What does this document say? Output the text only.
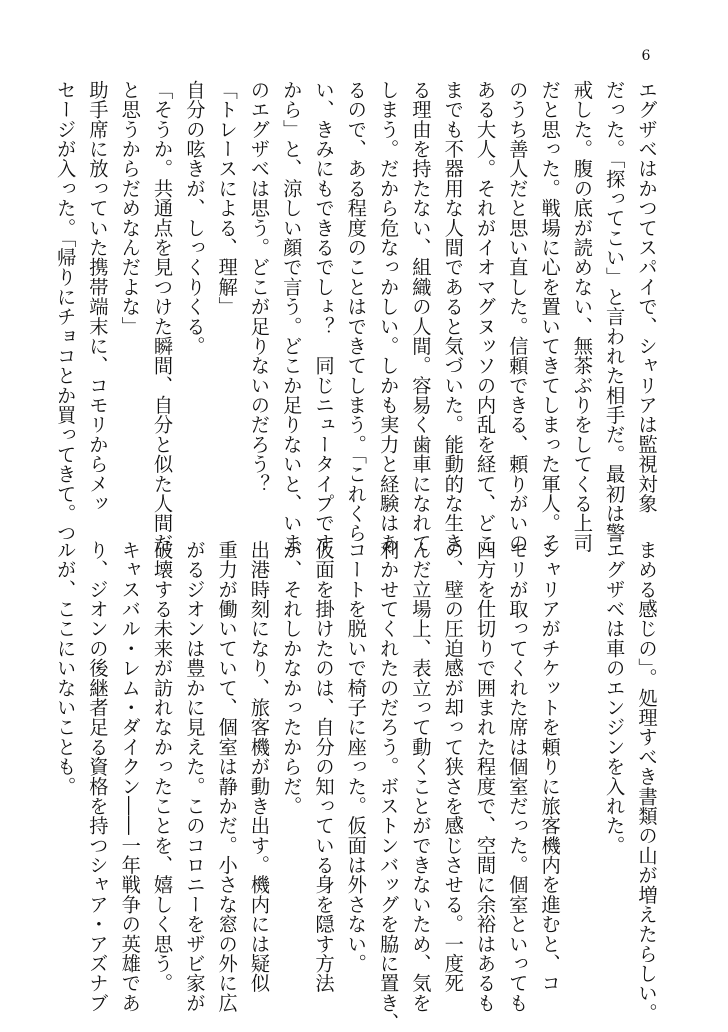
6
エグザベはかつてスパイで、シャリアは監視対象
だった。「探ってこい」と言われた相手だ。最初は警
戒した。腹の底が読めない、無茶ぶりをしてくる上司
だと思った。戦場に心を置いてきてしまった軍人。そ
のうち善人だと思い直した。信頼できる、頼りがいの
ある大人。それがイオマグヌッソの内乱を経て、どこ
までも不器用な人間であると気づいた。能動的な生き
る理由を持たない、組織の人間。容易く歯車になれて
しまう。だから危なっかしい。しかも実力と経験はあ
るので、ある程度のことはできてしまう。「これくら
い、きみにもできるでしょ？　同じニュータイプです
から」と、涼しい顔で言う。どこか足りないと、いま
のエグザベは思う。どこが足りないのだろう？
「トレースによる、理解」
自分の呟きが、しっくりくる。
「そうか。共通点を見つけた瞬間、自分と似た人間だ
と思うからだめなんだよな」
助手席に放っていた携帯端末に、コモリからメッ
セージが入った。「帰りにチョコとか買ってきて。つ
まめる感じの」。処理すべき書類の山が増えたらしい。
エグザベは車のエンジンを入れた。
シャリアがチケットを頼りに旅客機内を進むと、コ
モリが取ってくれた席は個室だった。個室といっても
四方を仕切りで囲まれた程度で、空間に余裕はあるも
の、壁の圧迫感が却って狭さを感じさせる。一度死
んだ立場上、表立って動くことができないため、気を
利かせてくれたのだろう。ボストンバッグを脇に置き、
コートを脱いで椅子に座った。仮面は外さない。
仮面を掛けたのは、自分の知っている身を隠す方法
が、それしかなかったからだ。
出港時刻になり、旅客機が動き出す。機内には疑似
重力が働いていて、個室は静かだ。小さな窓の外に広
がるジオンは豊かに見えた。このコロニーをザビ家が
破壊する未来が訪れなかったことを、嬉しく思う。
キャスバル・レム・ダイクン――一年戦争の英雄であ
り、ジオンの後継者足る資格を持つシャア・アズナブ
ルが、ここにいないことも。
